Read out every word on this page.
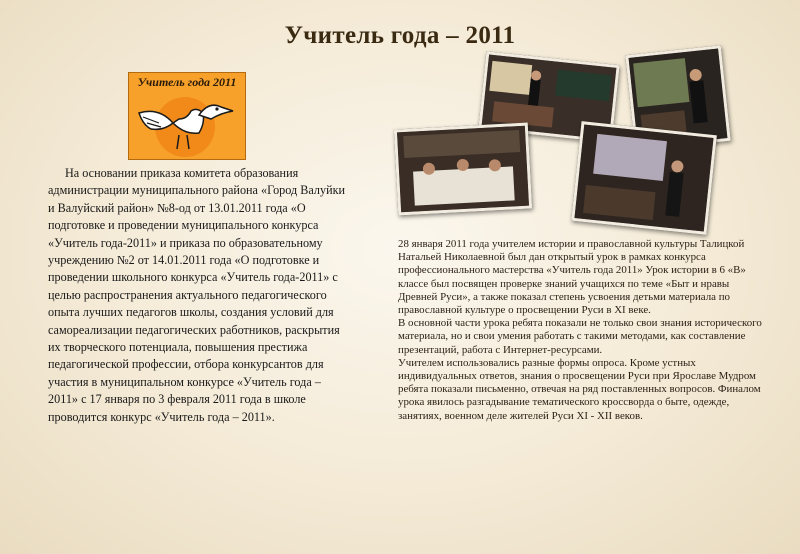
Учитель года – 2011
Учитель года 2011

На основании приказа комитета образования администрации муниципального района «Город Валуйки и Валуйский район» №8-од от 13.01.2011 года «О подготовке и проведении муниципального конкурса «Учитель года-2011» и приказа по образовательному учреждению №2 от 14.01.2011 года «О подготовке и проведении школьного конкурса «Учитель года-2011» с целью распространения актуального педагогического опыта лучших педагогов школы, создания условий для самореализации педагогических работников, раскрытия их творческого потенциала, повышения престижа педагогической профессии, отбора конкурсантов для участия в муниципальном конкурсе «Учитель года – 2011» с 17 января по 3 февраля 2011 года в школе проводится конкурс «Учитель года – 2011».

28 января 2011 года учителем истории и православной культуры Талицкой Натальей Николаевной был дан открытый урок в рамках конкурса профессионального мастерства «Учитель года 2011» Урок истории в 6 «В» классе был посвящен проверке знаний учащихся по теме «Быт и нравы Древней Руси», а также показал степень усвоения детьми материала по православной культуре о просвещении Руси в XI веке.

В основной части урока ребята показали не только свои знания исторического материала, но и свои умения работать с такими методами, как составление презентаций, работа с Интернет-ресурсами.

Учителем использовались разные формы опроса. Кроме устных индивидуальных ответов, знания о просвещении Руси при Ярославе Мудром ребята показали письменно, отвечая на ряд поставленных вопросов. Финалом урока явилось разгадывание тематического кроссворда о быте, одежде, занятиях, военном деле жителей Руси XI - XII веков.
